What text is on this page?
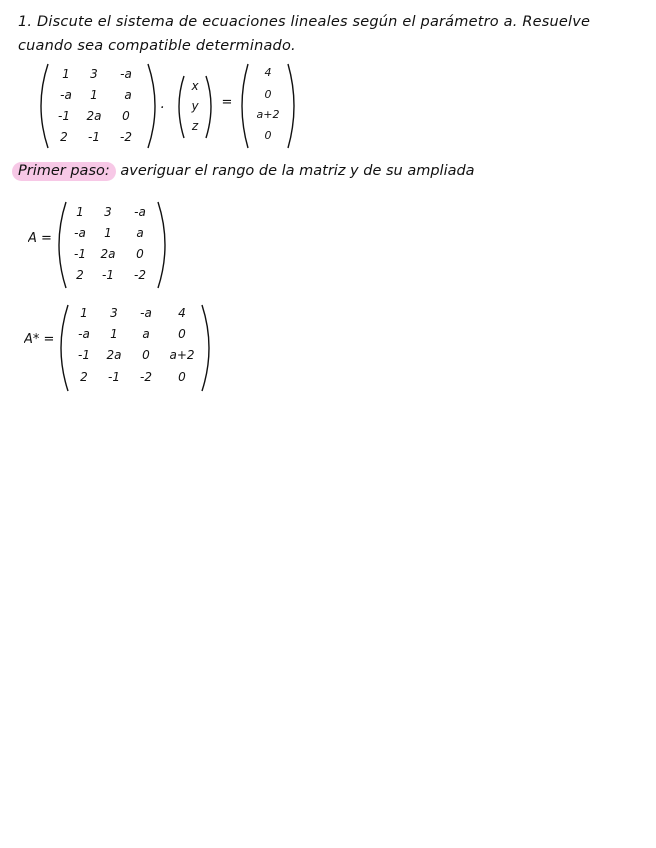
1. Discute el sistema de ecuaciones lineales según el parámetro a. Resuelve
cuando sea compatible determinado.
1 3 -a
-a 1 a
-1 2a 0
2 -1 -2
·
x
y
z
=
4
0
a+2
0
Primer paso: averiguar el rango de la matriz y de su ampliada
A =
1 3 -a
-a 1 a
-1 2a 0
2 -1 -2
A* =
1 3 -a 4
-a 1 a 0
-1 2a 0 a+2
2 -1 -2 0
